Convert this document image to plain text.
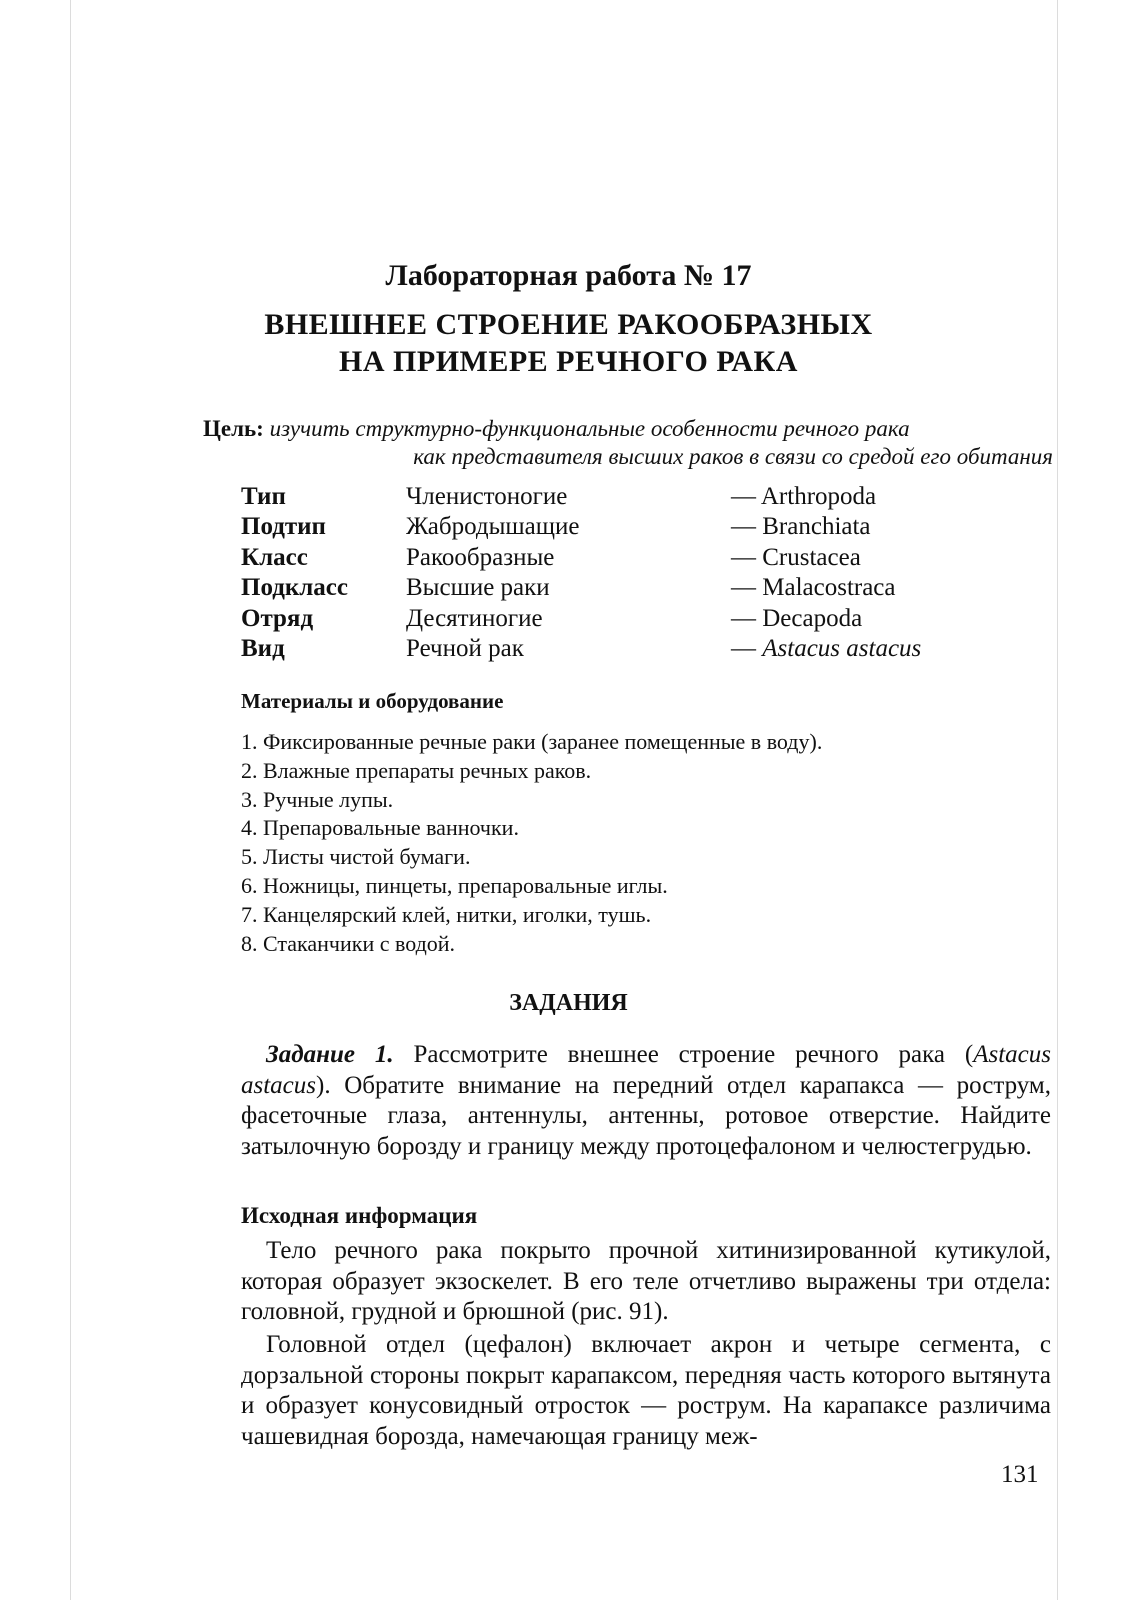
Лабораторная работа № 17
ВНЕШНЕЕ СТРОЕНИЕ РАКООБРАЗНЫХ
НА ПРИМЕРЕ РЕЧНОГО РАКА
Цель: изучить структурно-функциональные особенности речного рака
как представителя высших раков в связи со средой его обитания
Тип	Членистоногие	— Arthropoda
Подтип	Жабродышащие	— Branchiata
Класс	Ракообразные	— Crustacea
Подкласс	Высшие раки	— Malacostraca
Отряд	Десятиногие	— Decapoda
Вид	Речной рак	— Astacus astacus
Материалы и оборудование
1. Фиксированные речные раки (заранее помещенные в воду).
2. Влажные препараты речных раков.
3. Ручные лупы.
4. Препаровальные ванночки.
5. Листы чистой бумаги.
6. Ножницы, пинцеты, препаровальные иглы.
7. Канцелярский клей, нитки, иголки, тушь.
8. Стаканчики с водой.
ЗАДАНИЯ
 Задание 1. Рассмотрите внешнее строение речного рака (Astacus astacus). Обратите внимание на передний отдел карапакса — рострум, фасеточные глаза, антеннулы, антенны, ротовое отверстие. Найдите затылочную борозду и границу между протоцефалоном и челюстегрудью.
Исходная информация
 Тело речного рака покрыто прочной хитинизированной кутикулой, которая образует экзоскелет. В его теле отчетливо выражены три отдела: головной, грудной и брюшной (рис. 91).
 Головной отдел (цефалон) включает акрон и четыре сегмента, с дорзальной стороны покрыт карапаксом, передняя часть которого вытянута и образует конусовидный отросток — рострум. На карапаксе различима чашевидная борозда, намечающая границу меж-
131
